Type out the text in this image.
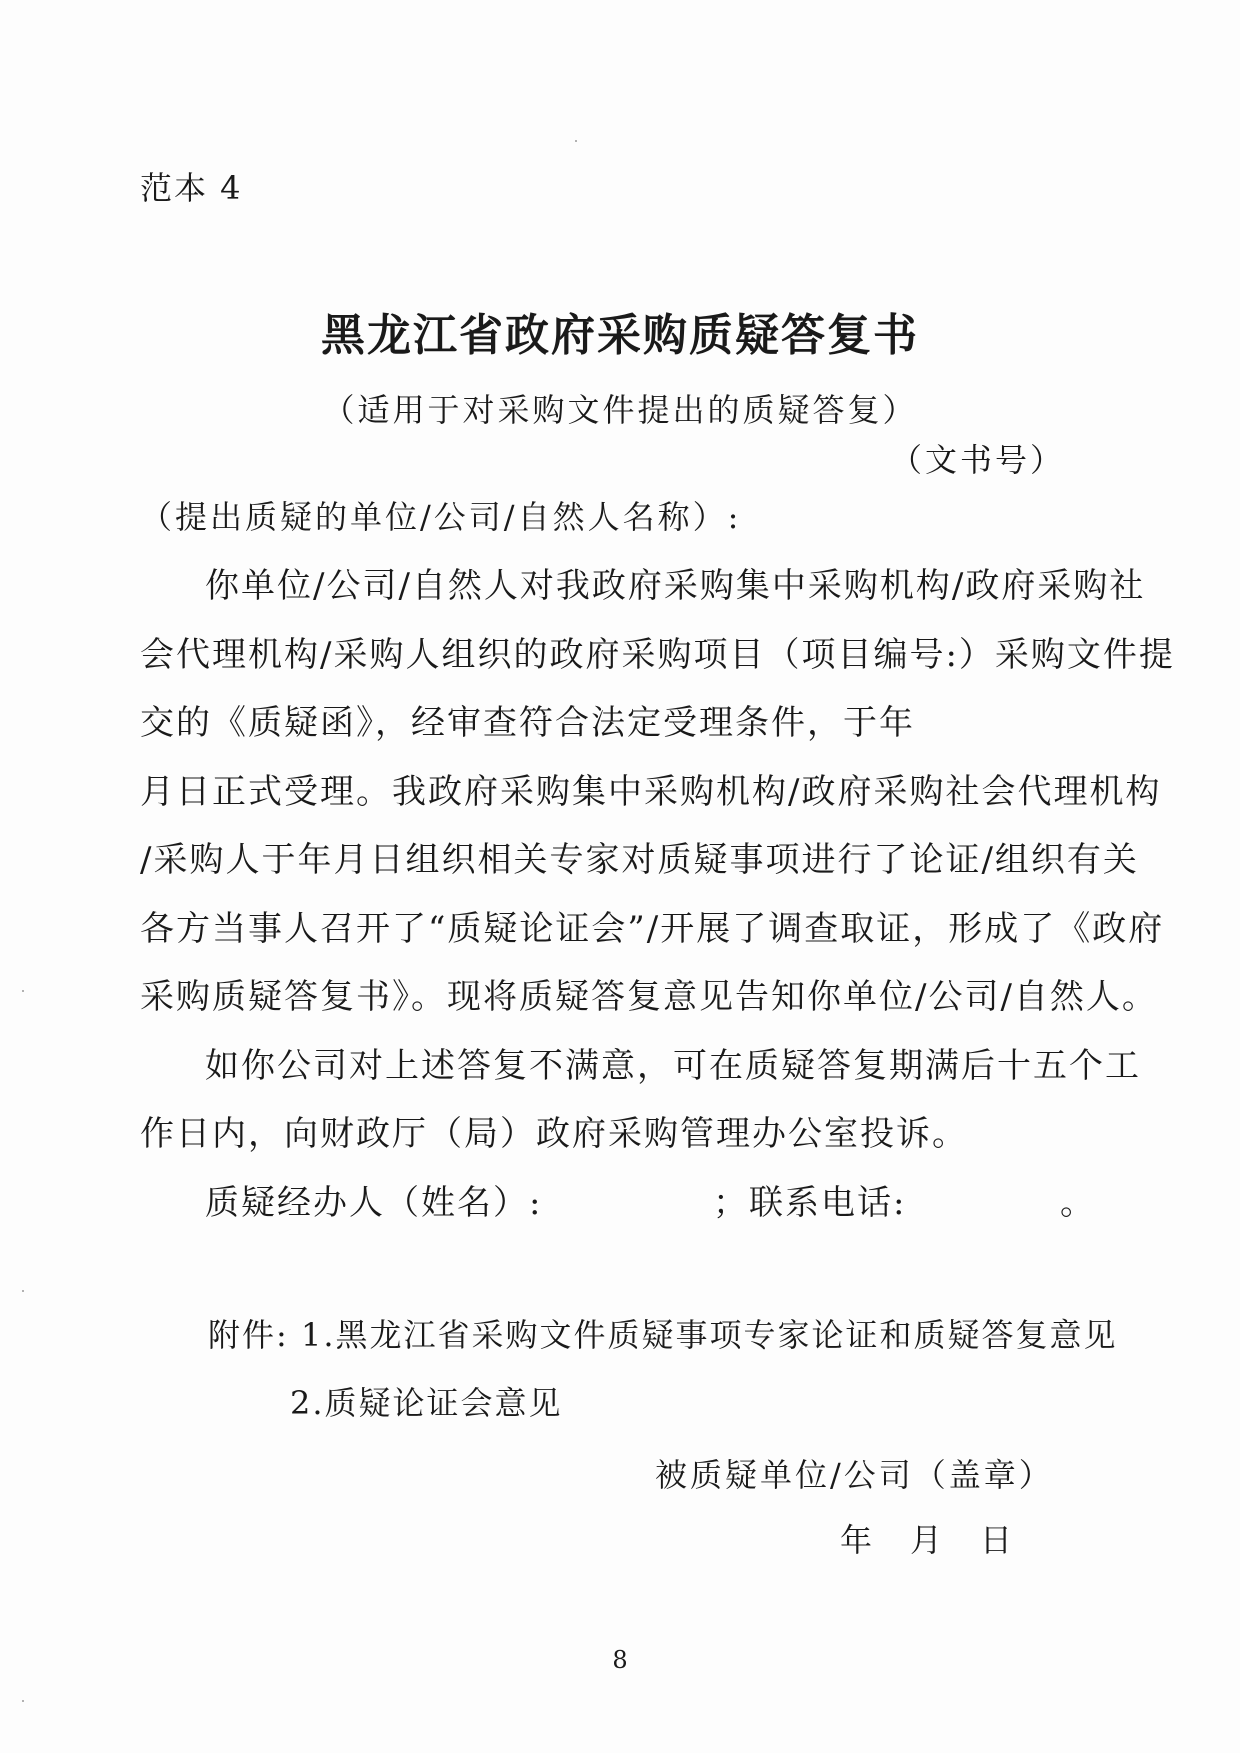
范本 4
黑龙江省政府采购质疑答复书
（适用于对采购文件提出的质疑答复）
（文书号）
（提出质疑的单位/公司/自然人名称）:
你单位/公司/自然人对我政府采购集中采购机构/政府采购社
会代理机构/采购人组织的政府采购项目（项目编号:）采购文件提
交的《质疑函》，经审查符合法定受理条件，于年
月日正式受理。我政府采购集中采购机构/政府采购社会代理机构
/采购人于年月日组织相关专家对质疑事项进行了论证/组织有关
各方当事人召开了“质疑论证会”/开展了调查取证，形成了《政府
采购质疑答复书》。现将质疑答复意见告知你单位/公司/自然人。
如你公司对上述答复不满意，可在质疑答复期满后十五个工
作日内，向财政厅（局）政府采购管理办公室投诉。
质疑经办人（姓名）:	；联系电话:	。
附件: 1.黑龙江省采购文件质疑事项专家论证和质疑答复意见
2.质疑论证会意见
被质疑单位/公司（盖章）
年 月 日
8
